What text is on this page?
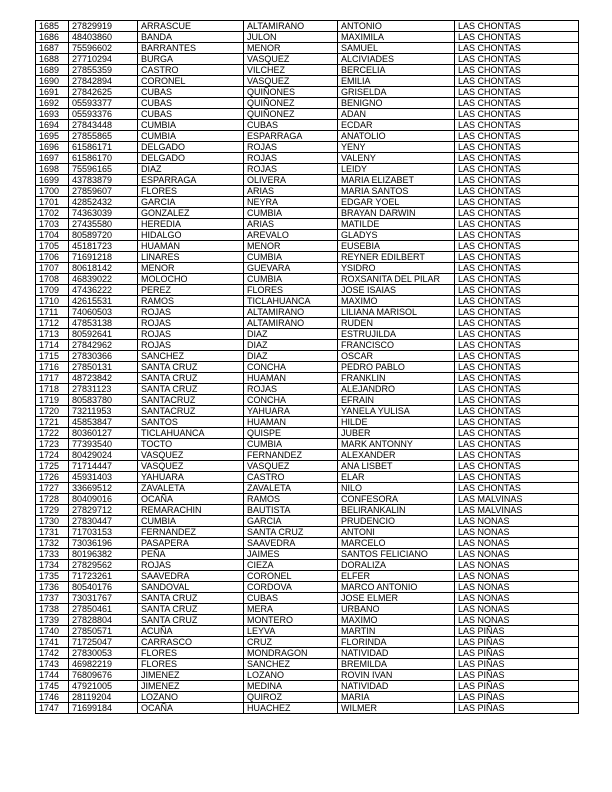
1685	27829919	ARRASCUE	ALTAMIRANO	ANTONIO	LAS CHONTAS
1686	48403860	BANDA	JULON	MAXIMILA	LAS CHONTAS
1687	75596602	BARRANTES	MENOR	SAMUEL	LAS CHONTAS
1688	27710294	BURGA	VASQUEZ	ALCIVIADES	LAS CHONTAS
1689	27855359	CASTRO	VILCHEZ	BERCELIA	LAS CHONTAS
1690	27842894	CORONEL	VASQUEZ	EMILIA	LAS CHONTAS
1691	27842625	CUBAS	QUIÑONES	GRISELDA	LAS CHONTAS
1692	05593377	CUBAS	QUIÑONEZ	BENIGNO	LAS CHONTAS
1693	05593376	CUBAS	QUIÑONEZ	ADAN	LAS CHONTAS
1694	27843448	CUMBIA	CUBAS	ECDAR	LAS CHONTAS
1695	27855865	CUMBIA	ESPARRAGA	ANATOLIO	LAS CHONTAS
1696	61586171	DELGADO	ROJAS	YENY	LAS CHONTAS
1697	61586170	DELGADO	ROJAS	VALENY	LAS CHONTAS
1698	75596165	DIAZ	ROJAS	LEIDY	LAS CHONTAS
1699	43783879	ESPARRAGA	OLIVERA	MARIA ELIZABET	LAS CHONTAS
1700	27859607	FLORES	ARIAS	MARIA SANTOS	LAS CHONTAS
1701	42852432	GARCIA	NEYRA	EDGAR YOEL	LAS CHONTAS
1702	74363039	GONZALEZ	CUMBIA	BRAYAN DARWIN	LAS CHONTAS
1703	27435580	HEREDIA	ARIAS	MATILDE	LAS CHONTAS
1704	80589720	HIDALGO	AREVALO	GLADYS	LAS CHONTAS
1705	45181723	HUAMAN	MENOR	EUSEBIA	LAS CHONTAS
1706	71691218	LINARES	CUMBIA	REYNER EDILBERT	LAS CHONTAS
1707	80618142	MENOR	GUEVARA	YSIDRO	LAS CHONTAS
1708	46839022	MOLOCHO	CUMBIA	ROXSANITA DEL PILAR	LAS CHONTAS
1709	47436222	PEREZ	FLORES	JOSE ISAIAS	LAS CHONTAS
1710	42615531	RAMOS	TICLAHUANCA	MAXIMO	LAS CHONTAS
1711	74060503	ROJAS	ALTAMIRANO	LILIANA MARISOL	LAS CHONTAS
1712	47853138	ROJAS	ALTAMIRANO	RUDEN	LAS CHONTAS
1713	80592641	ROJAS	DIAZ	ESTRUJILDA	LAS CHONTAS
1714	27842962	ROJAS	DIAZ	FRANCISCO	LAS CHONTAS
1715	27830366	SANCHEZ	DIAZ	OSCAR	LAS CHONTAS
1716	27850131	SANTA CRUZ	CONCHA	PEDRO PABLO	LAS CHONTAS
1717	48723842	SANTA CRUZ	HUAMAN	FRANKLIN	LAS CHONTAS
1718	27831123	SANTA CRUZ	ROJAS	ALEJANDRO	LAS CHONTAS
1719	80583780	SANTACRUZ	CONCHA	EFRAIN	LAS CHONTAS
1720	73211953	SANTACRUZ	YAHUARA	YANELA YULISA	LAS CHONTAS
1721	45853847	SANTOS	HUAMAN	HILDE	LAS CHONTAS
1722	80360127	TICLAHUANCA	QUISPE	JUBER	LAS CHONTAS
1723	77393540	TOCTO	CUMBIA	MARK ANTONNY	LAS CHONTAS
1724	80429024	VASQUEZ	FERNANDEZ	ALEXANDER	LAS CHONTAS
1725	71714447	VASQUEZ	VASQUEZ	ANA LISBET	LAS CHONTAS
1726	45931403	YAHUARA	CASTRO	ELAR	LAS CHONTAS
1727	33669512	ZAVALETA	ZAVALETA	NILO	LAS CHONTAS
1728	80409016	OCAÑA	RAMOS	CONFESORA	LAS MALVINAS
1729	27829712	REMARACHIN	BAUTISTA	BELIRANKALIN	LAS MALVINAS
1730	27830447	CUMBIA	GARCIA	PRUDENCIO	LAS NONAS
1731	71703153	FERNANDEZ	SANTA CRUZ	ANTONI	LAS NONAS
1732	73036196	PASAPERA	SAAVEDRA	MARCELO	LAS NONAS
1733	80196382	PEÑA	JAIMES	SANTOS FELICIANO	LAS NONAS
1734	27829562	ROJAS	CIEZA	DORALIZA	LAS NONAS
1735	71723261	SAAVEDRA	CORONEL	ELFER	LAS NONAS
1736	80540176	SANDOVAL	CORDOVA	MARCO ANTONIO	LAS NONAS
1737	73031767	SANTA CRUZ	CUBAS	JOSE ELMER	LAS NONAS
1738	27850461	SANTA CRUZ	MERA	URBANO	LAS NONAS
1739	27828804	SANTA CRUZ	MONTERO	MAXIMO	LAS NONAS
1740	27850571	ACUÑA	LEYVA	MARTIN	LAS PIÑAS
1741	71725047	CARRASCO	CRUZ	FLORINDA	LAS PIÑAS
1742	27830053	FLORES	MONDRAGON	NATIVIDAD	LAS PIÑAS
1743	46982219	FLORES	SANCHEZ	BREMILDA	LAS PIÑAS
1744	76809676	JIMENEZ	LOZANO	ROVIN IVAN	LAS PIÑAS
1745	47921005	JIMENEZ	MEDINA	NATIVIDAD	LAS PIÑAS
1746	28119204	LOZANO	QUIROZ	MARIA	LAS PIÑAS
1747	71699184	OCAÑA	HUACHEZ	WILMER	LAS PIÑAS
